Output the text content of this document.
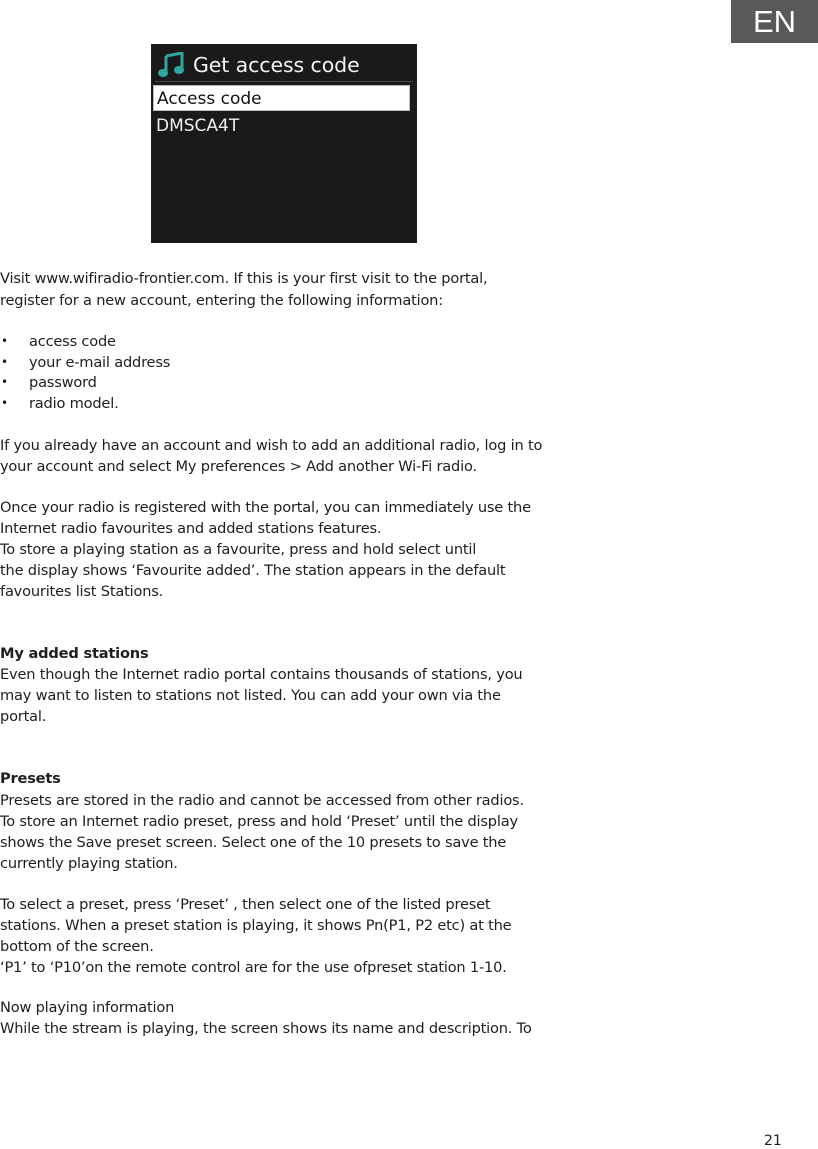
EN
Get access code
Access code
DMSCA4T
Visit www.wifiradio-frontier.com. If this is your first visit to the portal,
register for a new account, entering the following information:
• access code
• your e-mail address
• password
• radio model.
If you already have an account and wish to add an additional radio, log in to
your account and select My preferences > Add another Wi-Fi radio.
Once your radio is registered with the portal, you can immediately use the
Internet radio favourites and added stations features.
To store a playing station as a favourite, press and hold select until
the display shows ‘Favourite added’. The station appears in the default
favourites list Stations.
My added stations
Even though the Internet radio portal contains thousands of stations, you
may want to listen to stations not listed. You can add your own via the
portal.
Presets
Presets are stored in the radio and cannot be accessed from other radios.
To store an Internet radio preset, press and hold ‘Preset’ until the display
shows the Save preset screen. Select one of the 10 presets to save the
currently playing station.
To select a preset, press ‘Preset’ , then select one of the listed preset
stations. When a preset station is playing, it shows Pn(P1, P2 etc) at the
bottom of the screen.
‘P1’ to ‘P10’on the remote control are for the use ofpreset station 1-10.
Now playing information
While the stream is playing, the screen shows its name and description. To
21
